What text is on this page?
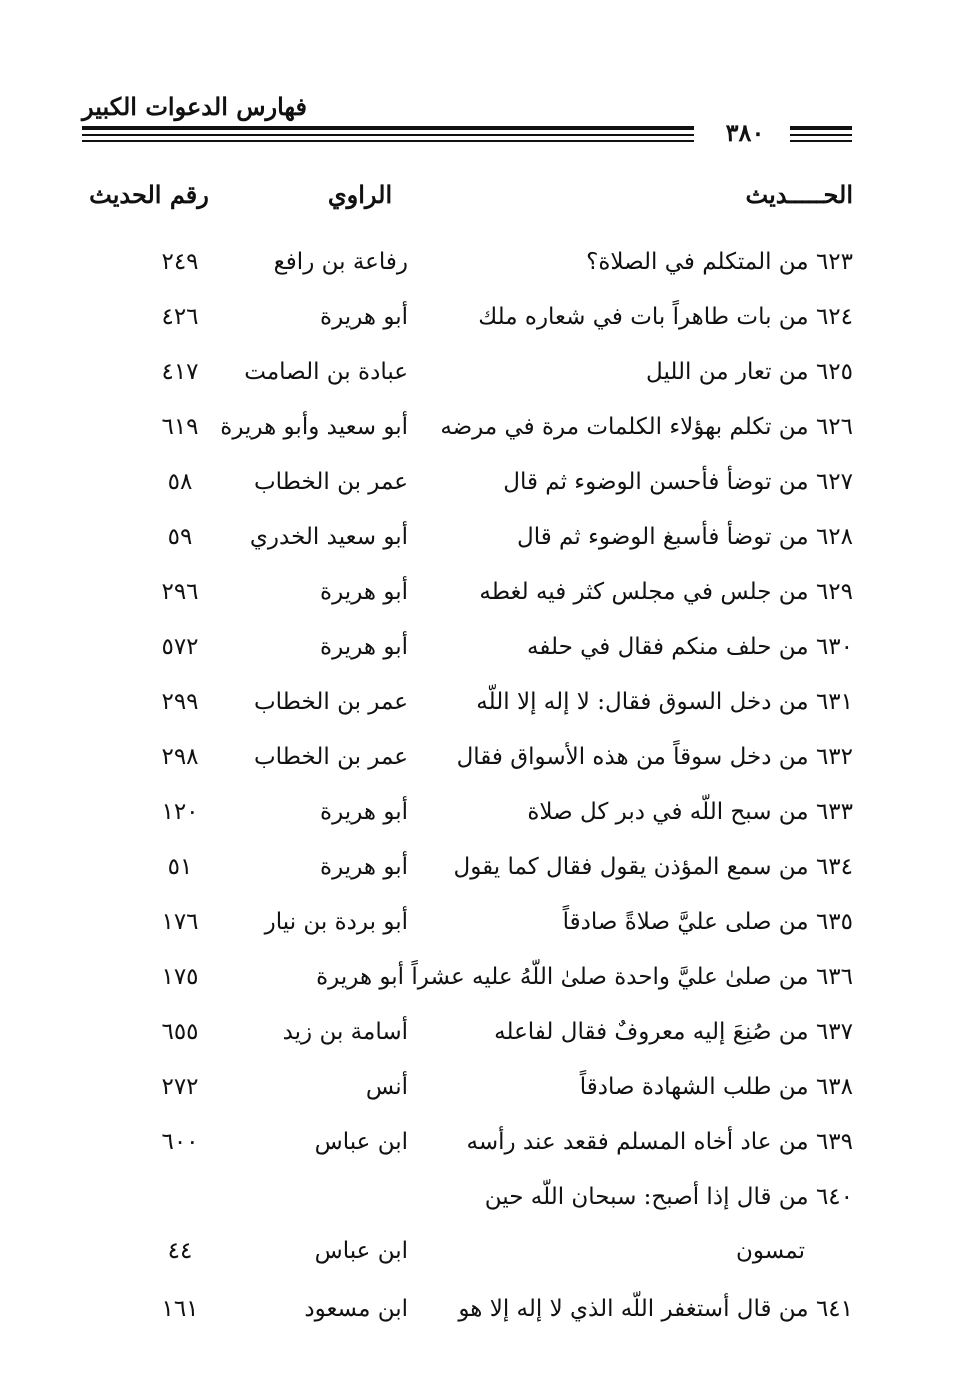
فهارس الدعوات الكبير
٣٨٠
الحـــــديث
الراوي
رقم الحديث
٦٢٣ من المتكلم في الصلاة؟
رفاعة بن رافع
٢٤٩
٦٢٤ من بات طاهراً بات في شعاره ملك
أبو هريرة
٤٢٦
٦٢٥ من تعار من الليل
عبادة بن الصامت
٤١٧
٦٢٦ من تكلم بهؤلاء الكلمات مرة في مرضه
أبو سعيد وأبو هريرة
٦١٩
٦٢٧ من توضأ فأحسن الوضوء ثم قال
عمر بن الخطاب
٥٨
٦٢٨ من توضأ فأسبغ الوضوء ثم قال
أبو سعيد الخدري
٥٩
٦٢٩ من جلس في مجلس كثر فيه لغطه
أبو هريرة
٢٩٦
٦٣٠ من حلف منكم فقال في حلفه
أبو هريرة
٥٧٢
٦٣١ من دخل السوق فقال: لا إله إلا اللّه
عمر بن الخطاب
٢٩٩
٦٣٢ من دخل سوقاً من هذه الأسواق فقال
عمر بن الخطاب
٢٩٨
٦٣٣ من سبح اللّه في دبر كل صلاة
أبو هريرة
١٢٠
٦٣٤ من سمع المؤذن يقول فقال كما يقول
أبو هريرة
٥١
٦٣٥ من صلى عليَّ صلاةً صادقاً
أبو بردة بن نيار
١٧٦
٦٣٦ من صلىٰ عليَّ واحدة صلىٰ اللّهُ عليه عشراً أبو هريرة
١٧٥
٦٣٧ من صُنِعَ إليه معروفٌ فقال لفاعله
أسامة بن زيد
٦٥٥
٦٣٨ من طلب الشهادة صادقاً
أنس
٢٧٢
٦٣٩ من عاد أخاه المسلم فقعد عند رأسه
ابن عباس
٦٠٠
٦٤٠ من قال إذا أصبح: سبحان اللّه حين
تمسون
ابن عباس
٤٤
٦٤١ من قال أستغفر اللّه الذي لا إله إلا هو
ابن مسعود
١٦١
